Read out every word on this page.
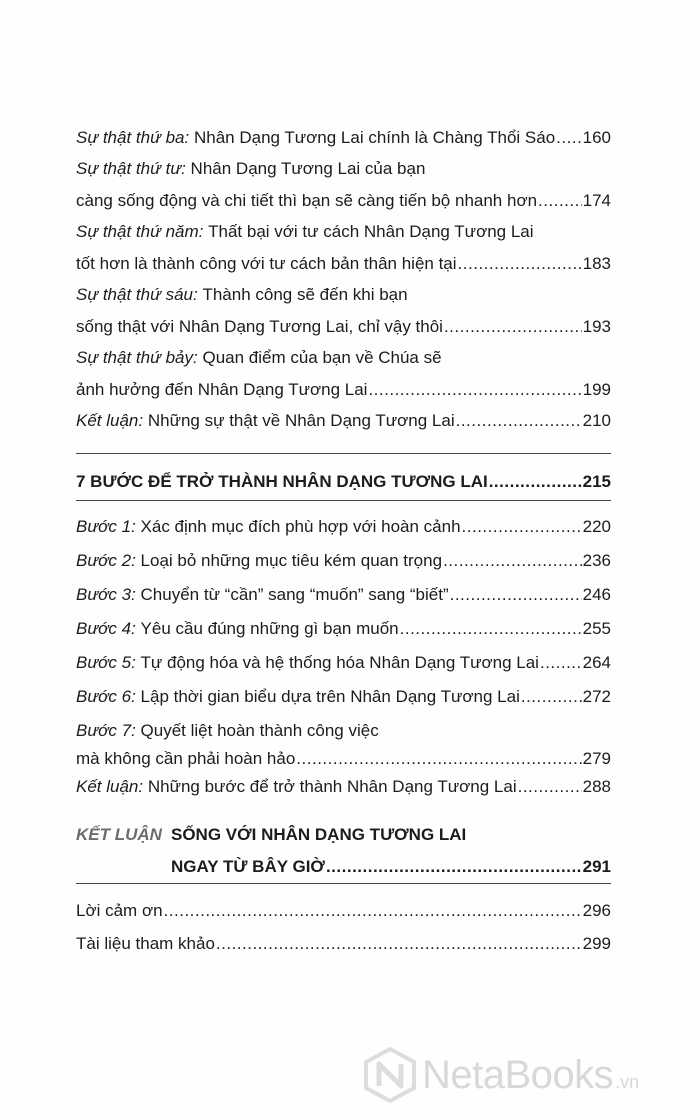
Sự thật thứ ba:
Nhân Dạng Tương Lai chính là Chàng Thổi Sáo ..... 160
Sự thật thứ tư:
Nhân Dạng Tương Lai của bạn
càng sống động và chi tiết thì bạn sẽ càng tiến bộ nhanh hơn .....	174
Sự thật thứ năm:
Thất bại với tư cách Nhân Dạng Tương Lai
tốt hơn là thành công với tư cách bản thân hiện tại .....	183
Sự thật thứ sáu:
Thành công sẽ đến khi bạn
sống thật với Nhân Dạng Tương Lai, chỉ vậy thôi .....	193
Sự thật thứ bảy:
Quan điểm của bạn về Chúa sẽ
ảnh hưởng đến Nhân Dạng Tương Lai .....	199
Kết luận:
Những sự thật về Nhân Dạng Tương Lai .....	210
7 BƯỚC ĐỂ TRỞ THÀNH NHÂN DẠNG TƯƠNG LAI .....	215
Bước 1:
Xác định mục đích phù hợp với hoàn cảnh .....	220
Bước 2:
Loại bỏ những mục tiêu kém quan trọng .....	236
Bước 3:
Chuyển từ “cần” sang “muốn” sang “biết” .....	246
Bước 4:
Yêu cầu đúng những gì bạn muốn .....	255
Bước 5:
Tự động hóa và hệ thống hóa Nhân Dạng Tương Lai .....	264
Bước 6:
Lập thời gian biểu dựa trên Nhân Dạng Tương Lai .....	272
Bước 7:
Quyết liệt hoàn thành công việc
mà không cần phải hoàn hảo .....	279
Kết luận:
Những bước để trở thành Nhân Dạng Tương Lai .....	288
KẾT LUẬN SỐNG VỚI NHÂN DẠNG TƯƠNG LAI
NGAY TỪ BÂY GIỜ .....	291
Lời cảm ơn .....	296
Tài liệu tham khảo .....	299
NetaBooks .vn
